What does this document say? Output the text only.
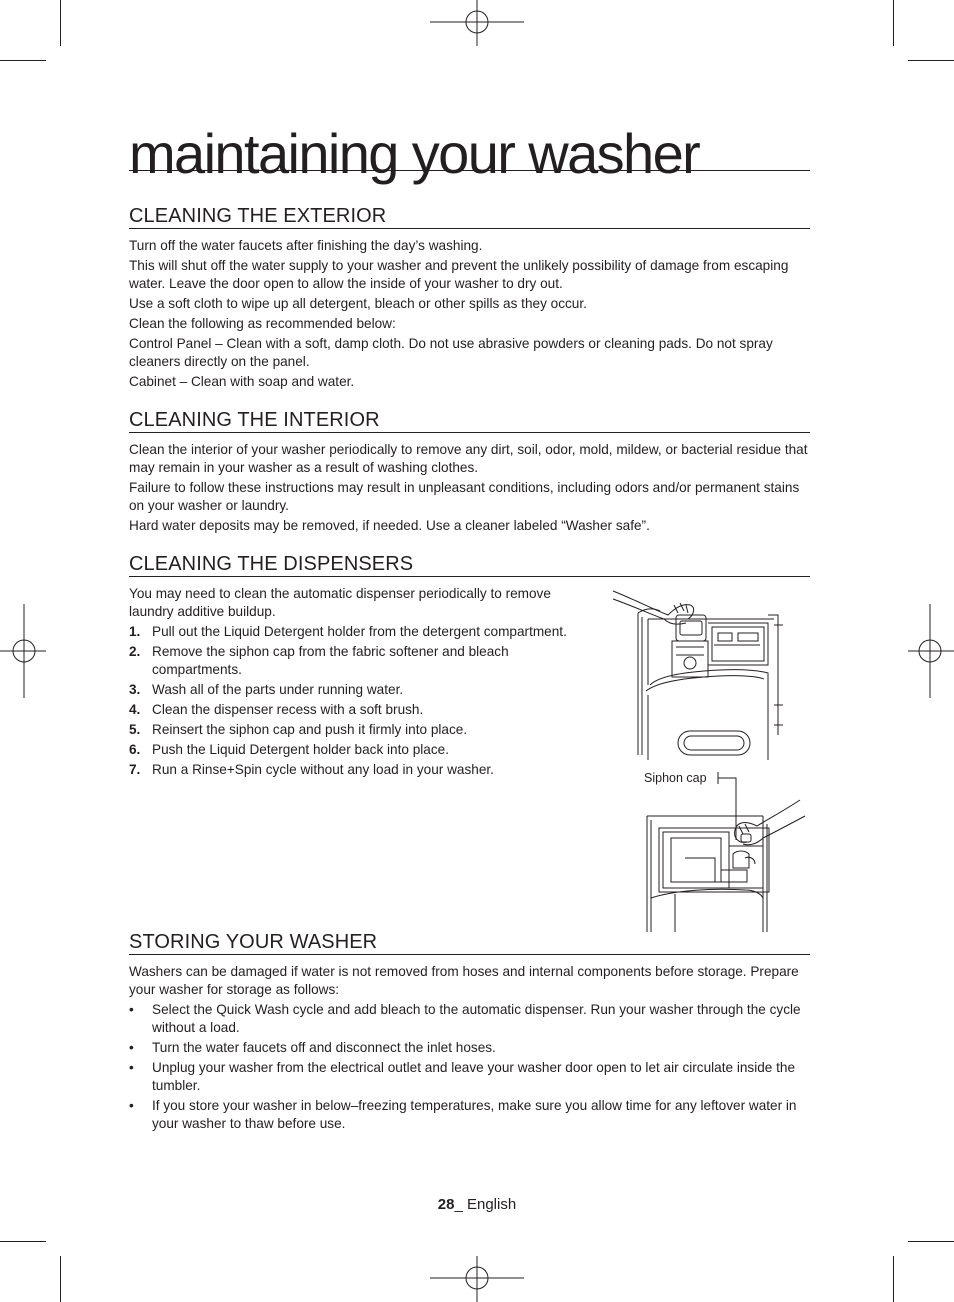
maintaining your washer
CLEANING THE EXTERIOR

Turn off the water faucets after finishing the day’s washing.

This will shut off the water supply to your washer and prevent the unlikely possibility of damage from escaping water. Leave the door open to allow the inside of your washer to dry out.

Use a soft cloth to wipe up all detergent, bleach or other spills as they occur.

Clean the following as recommended below:

Control Panel – Clean with a soft, damp cloth. Do not use abrasive powders or cleaning pads. Do not spray cleaners directly on the panel.

Cabinet – Clean with soap and water.

CLEANING THE INTERIOR

Clean the interior of your washer periodically to remove any dirt, soil, odor, mold, mildew, or bacterial residue that may remain in your washer as a result of washing clothes.

Failure to follow these instructions may result in unpleasant conditions, including odors and/or permanent stains on your washer or laundry.

Hard water deposits may be removed, if needed. Use a cleaner labeled “Washer safe”.

CLEANING THE DISPENSERS

You may need to clean the automatic dispenser periodically to remove laundry additive buildup.

1. Pull out the Liquid Detergent holder from the detergent compartment.
2. Remove the siphon cap from the fabric softener and bleach compartments.
3. Wash all of the parts under running water.
4. Clean the dispenser recess with a soft brush.
5. Reinsert the siphon cap and push it firmly into place.
6. Push the Liquid Detergent holder back into place.
7. Run a Rinse+Spin cycle without any load in your washer.
Siphon cap
STORING YOUR WASHER

Washers can be damaged if water is not removed from hoses and internal components before storage. Prepare your washer for storage as follows:

• Select the Quick Wash cycle and add bleach to the automatic dispenser. Run your washer through the cycle without a load.
• Turn the water faucets off and disconnect the inlet hoses.
• Unplug your washer from the electrical outlet and leave your washer door open to let air circulate inside the tumbler.
• If you store your washer in below–freezing temperatures, make sure you allow time for any leftover water in your washer to thaw before use.
28_ English
